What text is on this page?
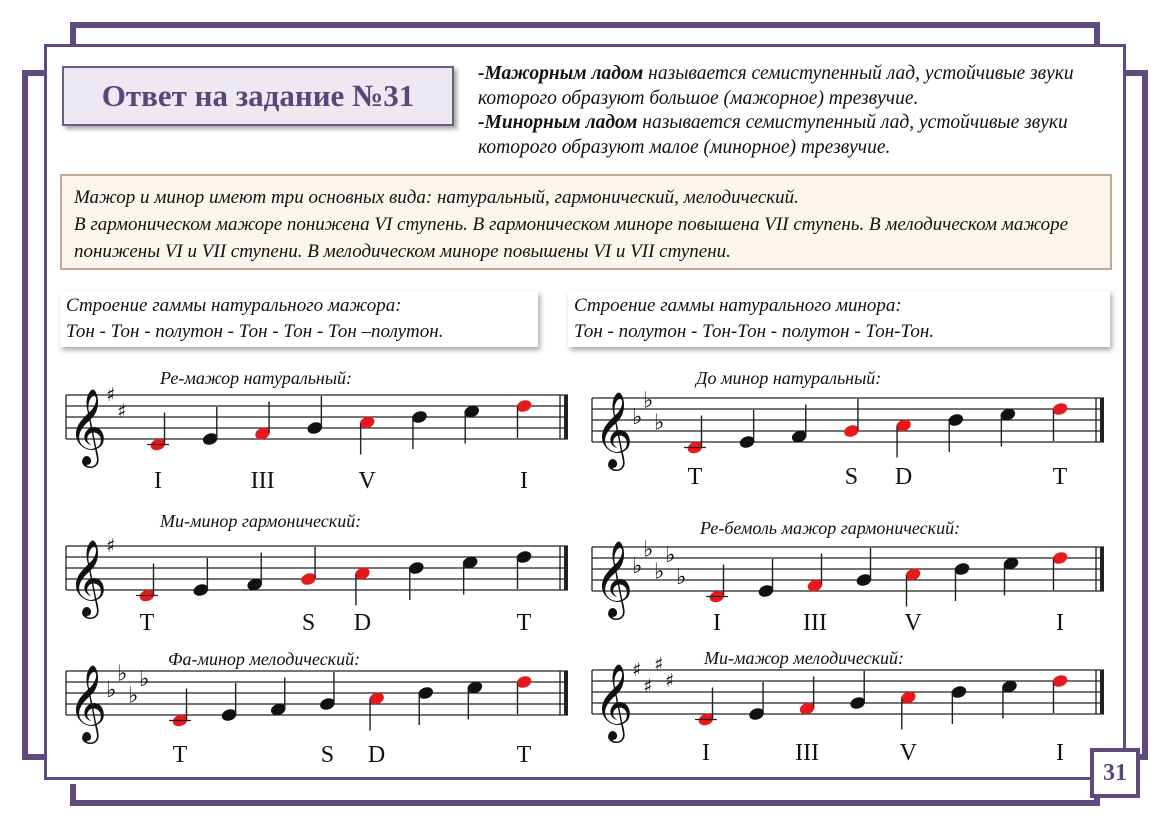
Ответ на задание №31

-Мажорным ладом называется семиступенный лад, устойчивые звуки которого образуют большое (мажорное) трезвучие.

-Минорным ладом называется семиступенный лад, устойчивые звуки которого образуют малое (минорное) трезвучие.

Мажор и минор имеют три основных вида: натуральный, гармонический, мелодический.

В гармоническом мажоре понижена VI ступень. В гармоническом миноре повышена VII ступень. В мелодическом мажоре понижены VI и VII ступени. В мелодическом миноре повышены VI и VII ступени.

Строение гаммы натурального мажора:

Тон - Тон - полутон - Тон - Тон - Тон –полутон.

Строение гаммы натурального минора:

Тон - полутон - Тон-Тон - полутон - Тон-Тон.

Ре-мажор натуральный:
𝄞
♯
♯
I	III	V	I
До минор натуральный:
𝄞
♭
♭
♭
T	S D	T
Ми-минор гармонический:
𝄞
♯
T	S D	T
Ре-бемоль мажор гармонический:
𝄞
♭
♭
♭
♭
♭
I	III	V	I
Фа-минор мелодический:
𝄞
♭
♭
♭
♭
T	S D	T
Ми-мажор мелодический:
𝄞
♯
♯
♯
♯
I	III	V	I
31
